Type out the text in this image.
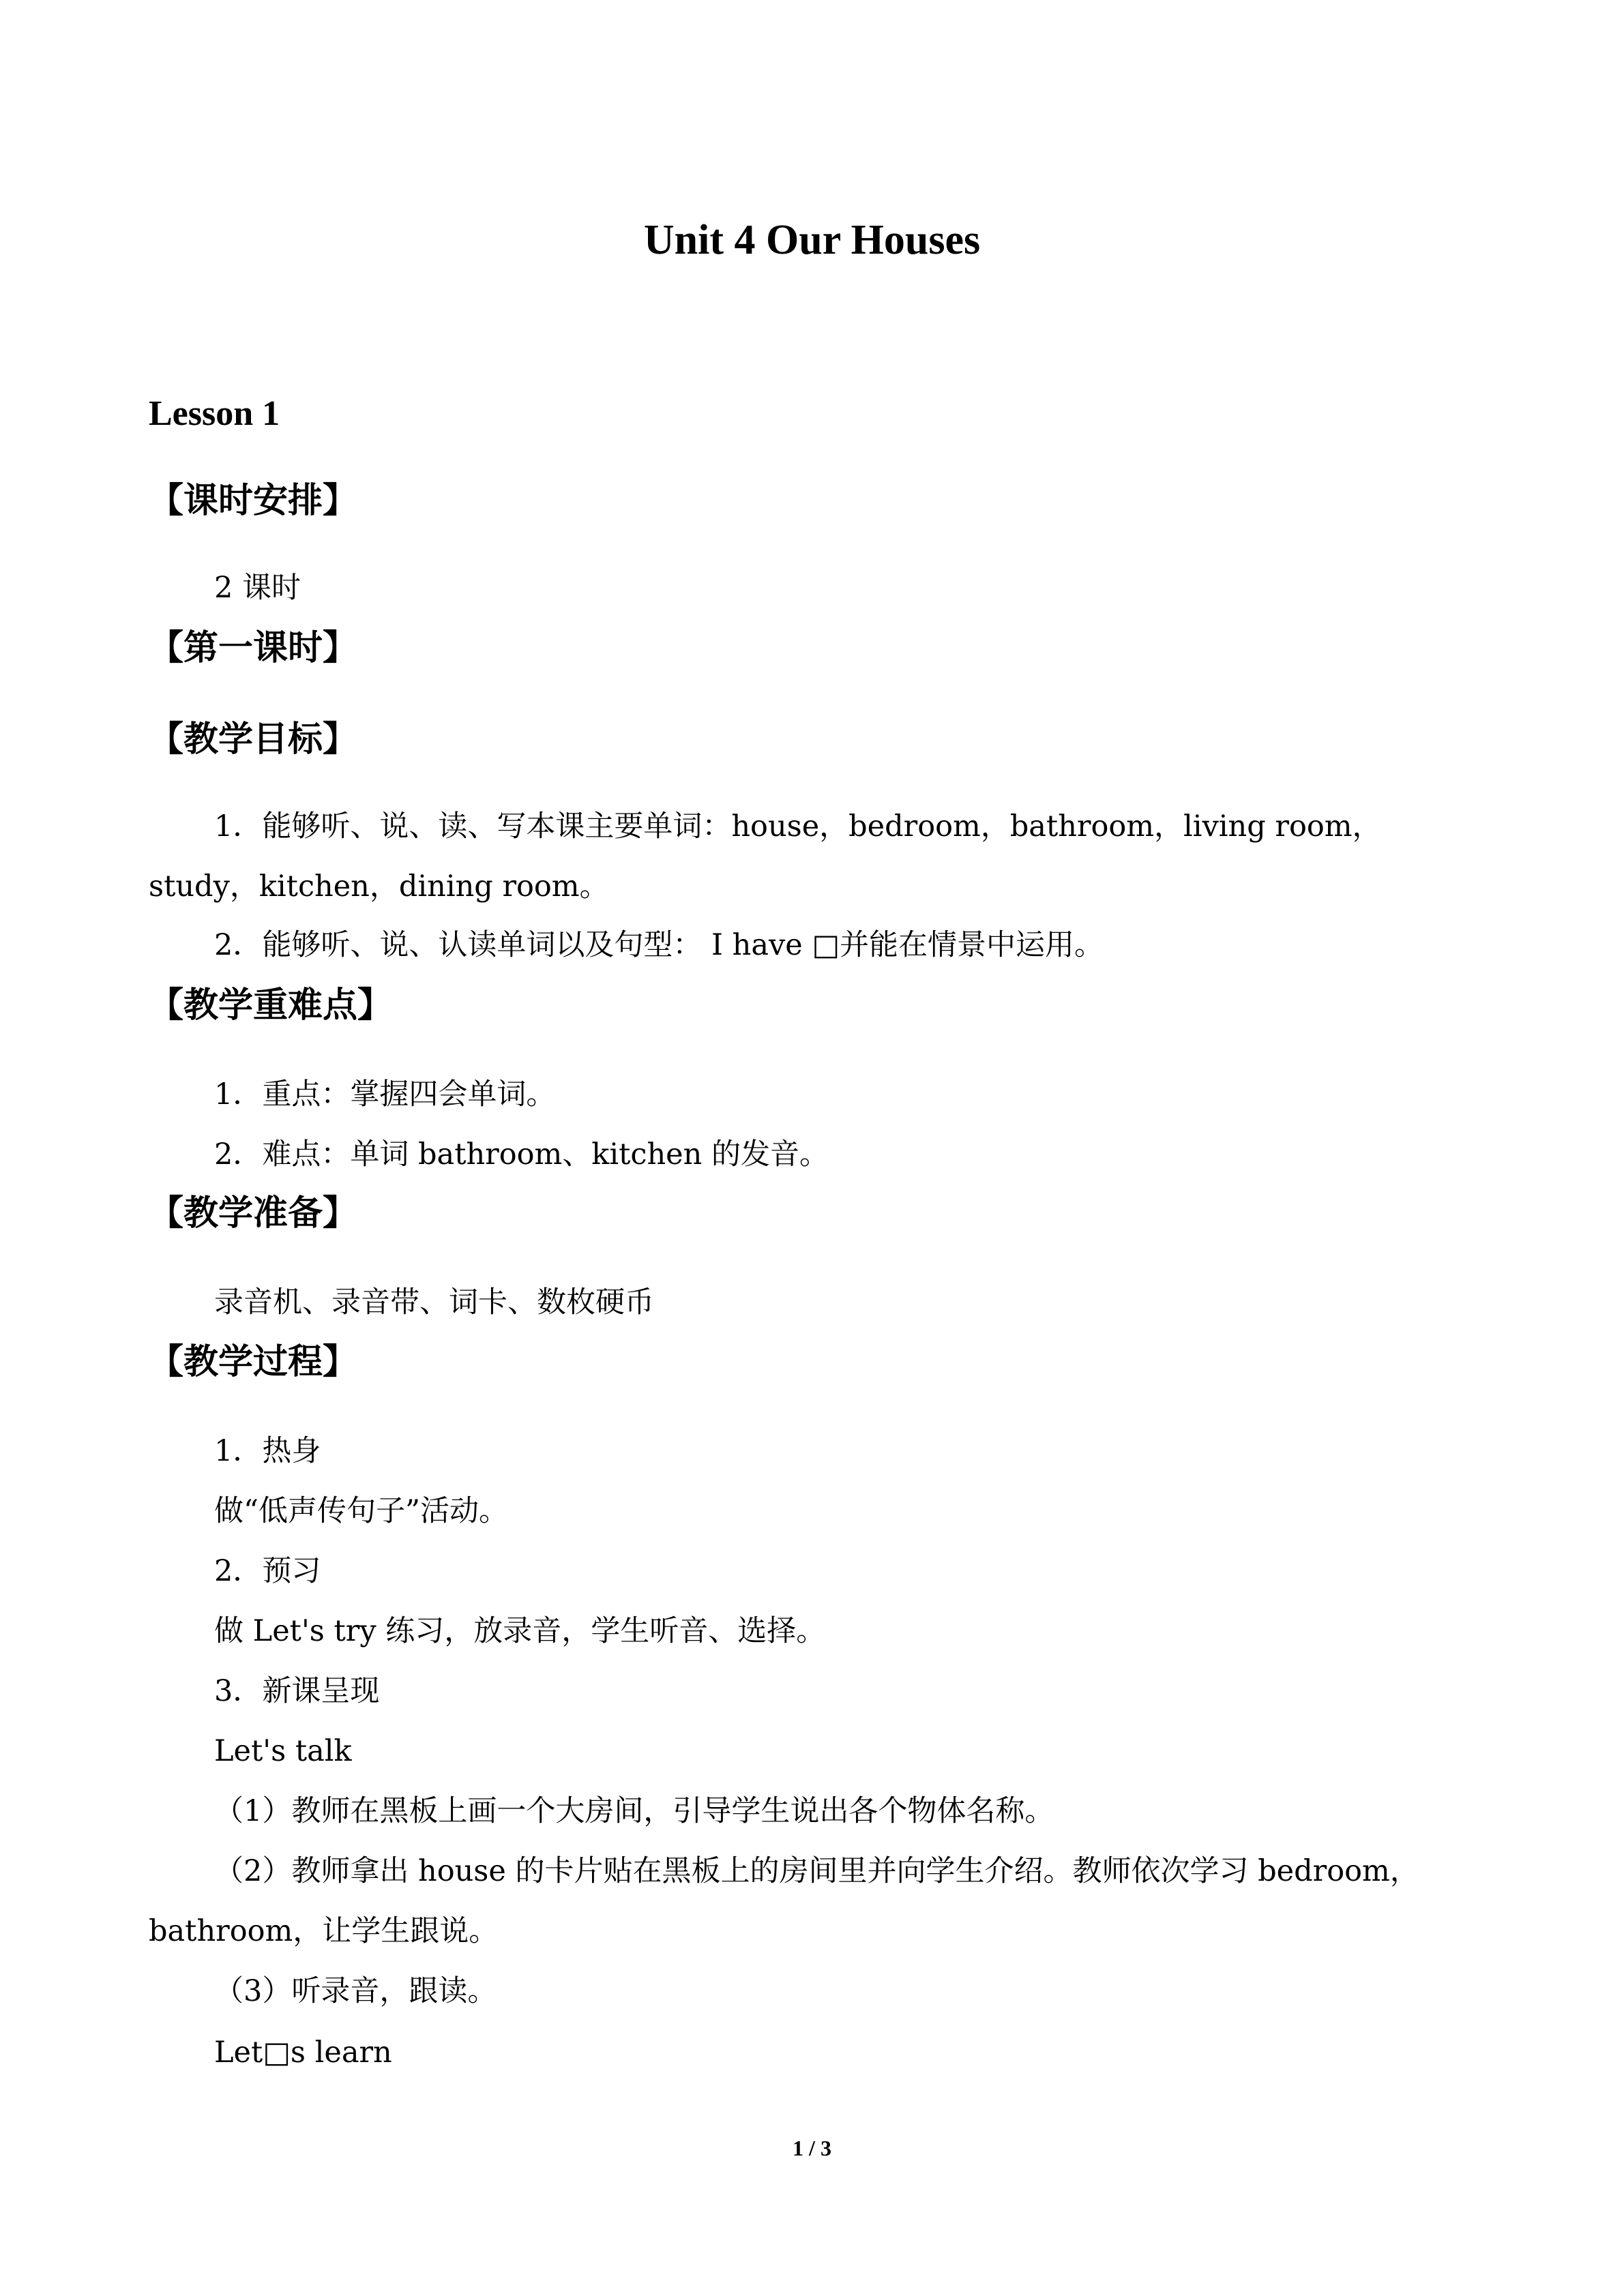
Unit 4 Our Houses
Lesson 1
【课时安排】
2 课时
【第一课时】
【教学目标】
1．能够听、说、读、写本课主要单词：house，bedroom，bathroom，living room，study，kitchen，dining room。
2．能够听、说、认读单词以及句型： I have □并能在情景中运用。
【教学重难点】
1．重点：掌握四会单词。
2．难点：单词 bathroom、kitchen 的发音。
【教学准备】
录音机、录音带、词卡、数枚硬币
【教学过程】
1．热身
做“低声传句子”活动。
2．预习
做 Let's try 练习，放录音，学生听音、选择。
3．新课呈现
Let's talk
（1）教师在黑板上画一个大房间，引导学生说出各个物体名称。
（2）教师拿出 house 的卡片贴在黑板上的房间里并向学生介绍。教师依次学习 bedroom，bathroom，让学生跟说。
（3）听录音，跟读。
Let□s learn
1 / 3
